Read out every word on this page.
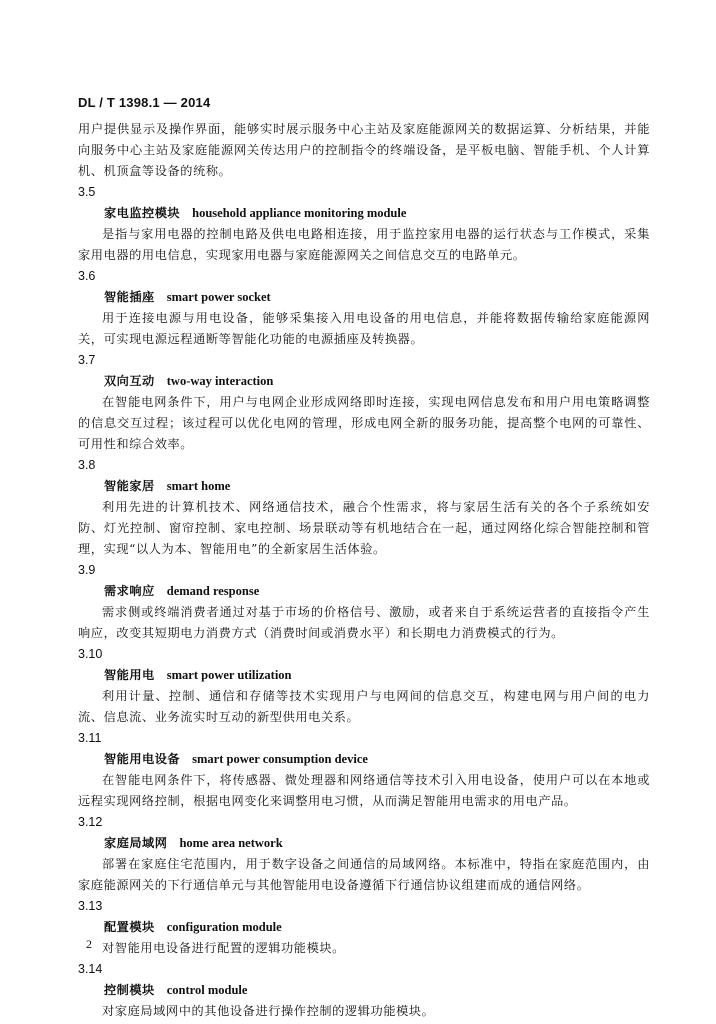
DL / T 1398.1 — 2014

用户提供显示及操作界面，能够实时展示服务中心主站及家庭能源网关的数据运算、分析结果，并能向服务中心主站及家庭能源网关传达用户的控制指令的终端设备，是平板电脑、智能手机、个人计算机、机顶盒等设备的统称。

3.5
家电监控模块 household appliance monitoring module

是指与家用电器的控制电路及供电电路相连接，用于监控家用电器的运行状态与工作模式，采集家用电器的用电信息，实现家用电器与家庭能源网关之间信息交互的电路单元。

3.6
智能插座 smart power socket

用于连接电源与用电设备，能够采集接入用电设备的用电信息，并能将数据传输给家庭能源网关，可实现电源远程通断等智能化功能的电源插座及转换器。

3.7
双向互动 two-way interaction

在智能电网条件下，用户与电网企业形成网络即时连接，实现电网信息发布和用户用电策略调整的信息交互过程；该过程可以优化电网的管理，形成电网全新的服务功能，提高整个电网的可靠性、可用性和综合效率。

3.8
智能家居 smart home

利用先进的计算机技术、网络通信技术，融合个性需求，将与家居生活有关的各个子系统如安防、灯光控制、窗帘控制、家电控制、场景联动等有机地结合在一起，通过网络化综合智能控制和管理，实现“以人为本、智能用电”的全新家居生活体验。

3.9
需求响应 demand response

需求侧或终端消费者通过对基于市场的价格信号、激励，或者来自于系统运营者的直接指令产生响应，改变其短期电力消费方式（消费时间或消费水平）和长期电力消费模式的行为。

3.10
智能用电 smart power utilization

利用计量、控制、通信和存储等技术实现用户与电网间的信息交互，构建电网与用户间的电力流、信息流、业务流实时互动的新型供用电关系。

3.11
智能用电设备 smart power consumption device

在智能电网条件下，将传感器、微处理器和网络通信等技术引入用电设备，使用户可以在本地或远程实现网络控制，根据电网变化来调整用电习惯，从而满足智能用电需求的用电产品。

3.12
家庭局域网 home area network

部署在家庭住宅范围内，用于数字设备之间通信的局域网络。本标准中，特指在家庭范围内，由家庭能源网关的下行通信单元与其他智能用电设备遵循下行通信协议组建而成的通信网络。

3.13
配置模块 configuration module

对智能用电设备进行配置的逻辑功能模块。

3.14
控制模块 control module

对家庭局域网中的其他设备进行操作控制的逻辑功能模块。

2
